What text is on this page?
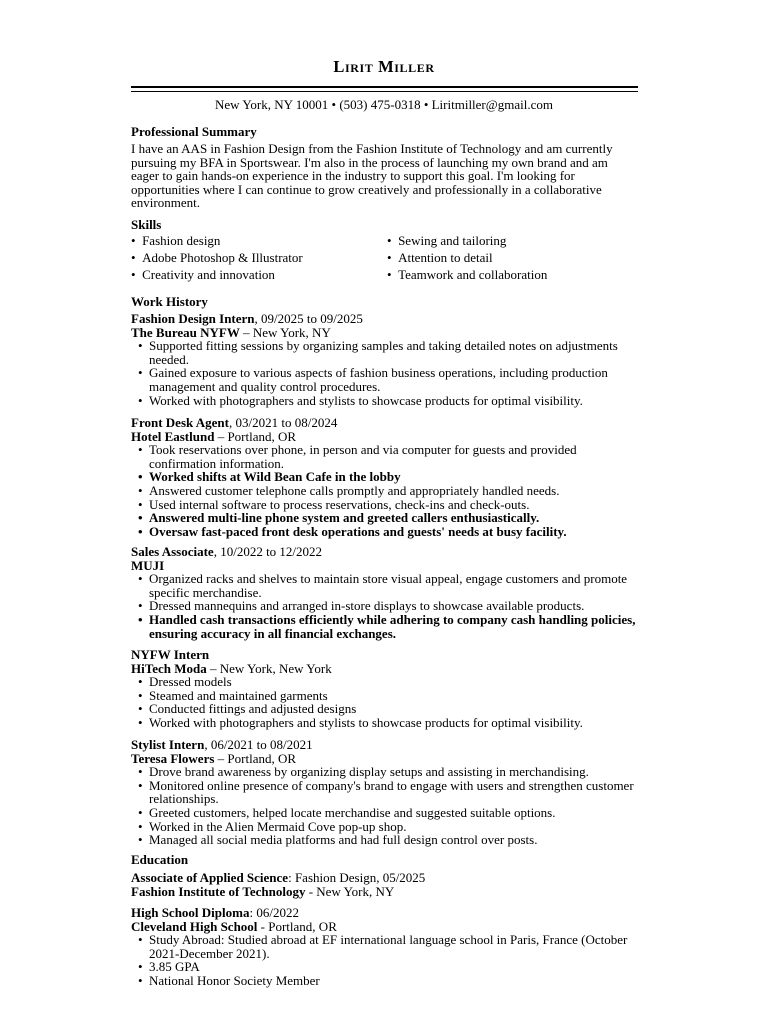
Lirit Miller
New York, NY 10001 • (503) 475-0318 • Liritmiller@gmail.com
Professional Summary
I have an AAS in Fashion Design from the Fashion Institute of Technology and am currently pursuing my BFA in Sportswear. I'm also in the process of launching my own brand and am eager to gain hands-on experience in the industry to support this goal. I'm looking for opportunities where I can continue to grow creatively and professionally in a collaborative environment.
Skills
•  Fashion design	•  Sewing and tailoring
•  Adobe Photoshop & Illustrator	•  Attention to detail
•  Creativity and innovation	•  Teamwork and collaboration
Work History
Fashion Design Intern, 09/2025 to 09/2025
The Bureau NYFW – New York, NY
• Supported fitting sessions by organizing samples and taking detailed notes on adjustments needed.
• Gained exposure to various aspects of fashion business operations, including production management and quality control procedures.
• Worked with photographers and stylists to showcase products for optimal visibility.
Front Desk Agent, 03/2021 to 08/2024
Hotel Eastlund – Portland, OR
• Took reservations over phone, in person and via computer for guests and provided confirmation information.
• Worked shifts at Wild Bean Cafe in the lobby
• Answered customer telephone calls promptly and appropriately handled needs.
• Used internal software to process reservations, check-ins and check-outs.
• Answered multi-line phone system and greeted callers enthusiastically.
• Oversaw fast-paced front desk operations and guests' needs at busy facility.
Sales Associate, 10/2022 to 12/2022
MUJI
• Organized racks and shelves to maintain store visual appeal, engage customers and promote specific merchandise.
• Dressed mannequins and arranged in-store displays to showcase available products.
• Handled cash transactions efficiently while adhering to company cash handling policies, ensuring accuracy in all financial exchanges.
NYFW Intern
HiTech Moda – New York, New York
• Dressed models
• Steamed and maintained garments
• Conducted fittings and adjusted designs
• Worked with photographers and stylists to showcase products for optimal visibility.
Stylist Intern, 06/2021 to 08/2021
Teresa Flowers – Portland, OR
• Drove brand awareness by organizing display setups and assisting in merchandising.
• Monitored online presence of company's brand to engage with users and strengthen customer relationships.
• Greeted customers, helped locate merchandise and suggested suitable options.
• Worked in the Alien Mermaid Cove pop-up shop.
• Managed all social media platforms and had full design control over posts.
Education
Associate of Applied Science: Fashion Design, 05/2025
Fashion Institute of Technology - New York, NY
High School Diploma: 06/2022
Cleveland High School - Portland, OR
• Study Abroad: Studied abroad at EF international language school in Paris, France (October 2021-December 2021).
• 3.85 GPA
• National Honor Society Member
